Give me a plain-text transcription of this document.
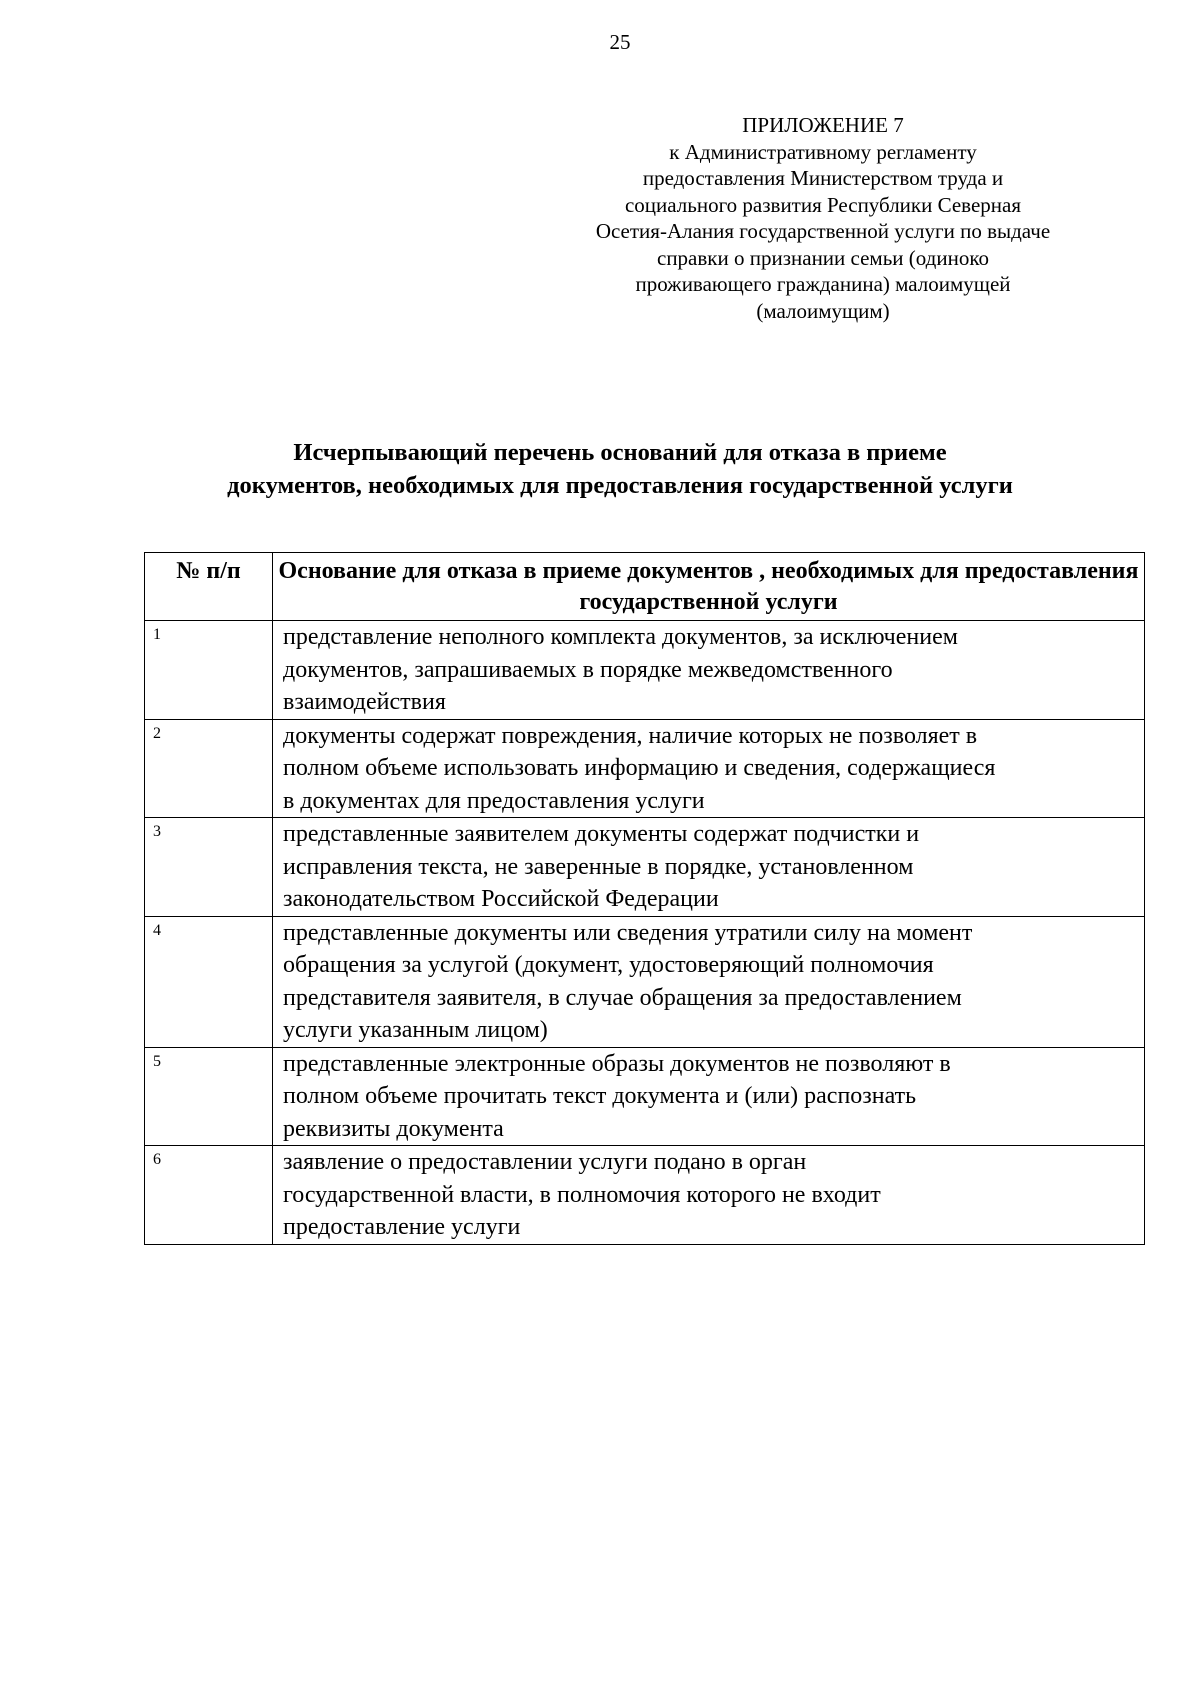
25
ПРИЛОЖЕНИЕ 7
к Административному регламенту
предоставления Министерством труда и
социального развития Республики Северная
Осетия-Алания государственной услуги по выдаче
справки о признании семьи (одиноко
проживающего гражданина) малоимущей
(малоимущим)
Исчерпывающий перечень оснований для отказа в приеме
документов, необходимых для предоставления государственной услуги
№ п/п	Основание для отказа в приеме документов , необходимых для предоставления государственной услуги
1	представление неполного комплекта документов, за исключением
документов, запрашиваемых в порядке межведомственного
взаимодействия

2	документы содержат повреждения, наличие которых не позволяет в
полном объеме использовать информацию и сведения, содержащиеся
в документах для предоставления услуги

3	представленные заявителем документы содержат подчистки и
исправления текста, не заверенные в порядке, установленном
законодательством Российской Федерации

4	представленные документы или сведения утратили силу на момент
обращения за услугой (документ, удостоверяющий полномочия
представителя заявителя, в случае обращения за предоставлением
услуги указанным лицом)

5	представленные электронные образы документов не позволяют в
полном объеме прочитать текст документа и (или) распознать
реквизиты документа

6	заявление о предоставлении услуги подано в орган
государственной власти, в полномочия которого не входит
предоставление услуги
